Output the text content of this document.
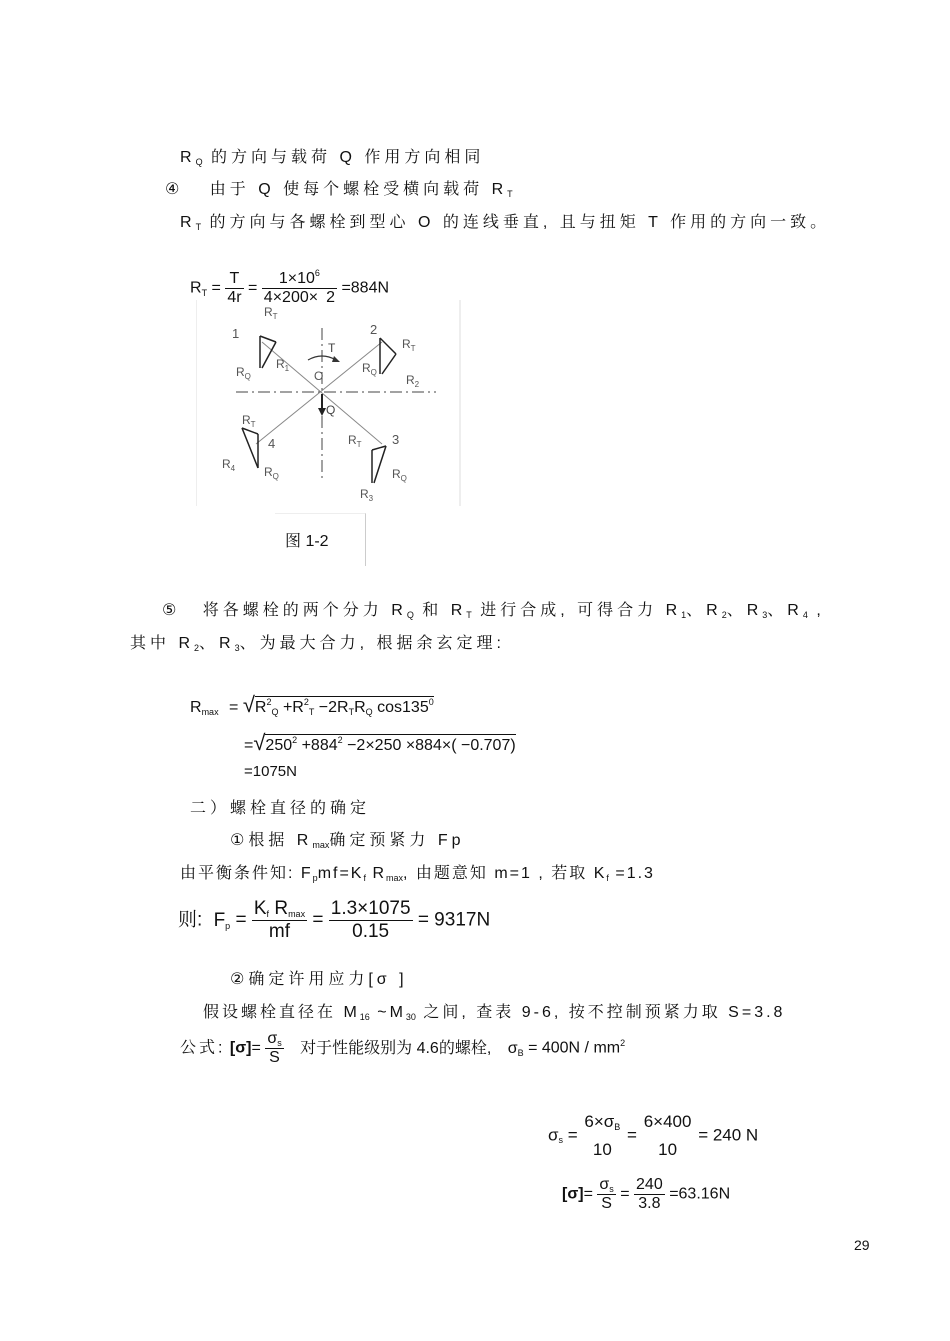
RQ 的方向与载荷 Q 作用方向相同
④ 由于 Q 使每个螺栓受横向载荷 RT
RT 的方向与各螺栓到型心 O 的连线垂直, 且与扭矩 T 作用的方向一致。
RT = $\frac{T}{4r} = \frac{1\times 10^6}{4\times 200\times 2} =884N$
1	2
3
4
O
T
Q
$R_T$
$R_T$
$R_T$
$R_T$
$R_Q$
$R_Q$
$R_Q$
$R_Q$
$R_1$
$R_2$
$R_3$
$R_4$
图 1-2
⑤ 将各螺栓的两个分力 RQ 和 RT 进行合成, 可得合力 R1、R2、R3、R4 ,
其中 R2、R3、为最大合力, 根据余玄定理:
$Rmax = √R^2Q +R^2T$ −2RTRQ $\cos 135^0$
$=√250^2 +884^2 -2\times 250 \times 884\times( -0.707)$
=1075N
二）螺栓直径的确定
①根据 Rmax确定预紧力 Fp
由平衡条件知: Fpmf=Kf Rmax, 由题意知 m=1 , 若取 Kf =1.3
则: $Fp = \frac{\text{Kf Rmax}}{mf} = \frac{1.3\times 1075}{0.15} = 9317N$
②确定许用应力[σ ]
假设螺栓直径在 M16 ~M30 之间, 查表 9-6, 按不控制预紧力取 S=3.8
公式: $[\sigma]= \frac{\sigma s}{S}$ 对于性能级别为 4.6的螺栓, $\sigma B = 400N / mm^2$
σs =
6×σB
10
=
6×400
10
= 240 N
$[\sigma]= \frac{\sigma s}{S} = \frac{240}{3.8} =63.16N$
29
